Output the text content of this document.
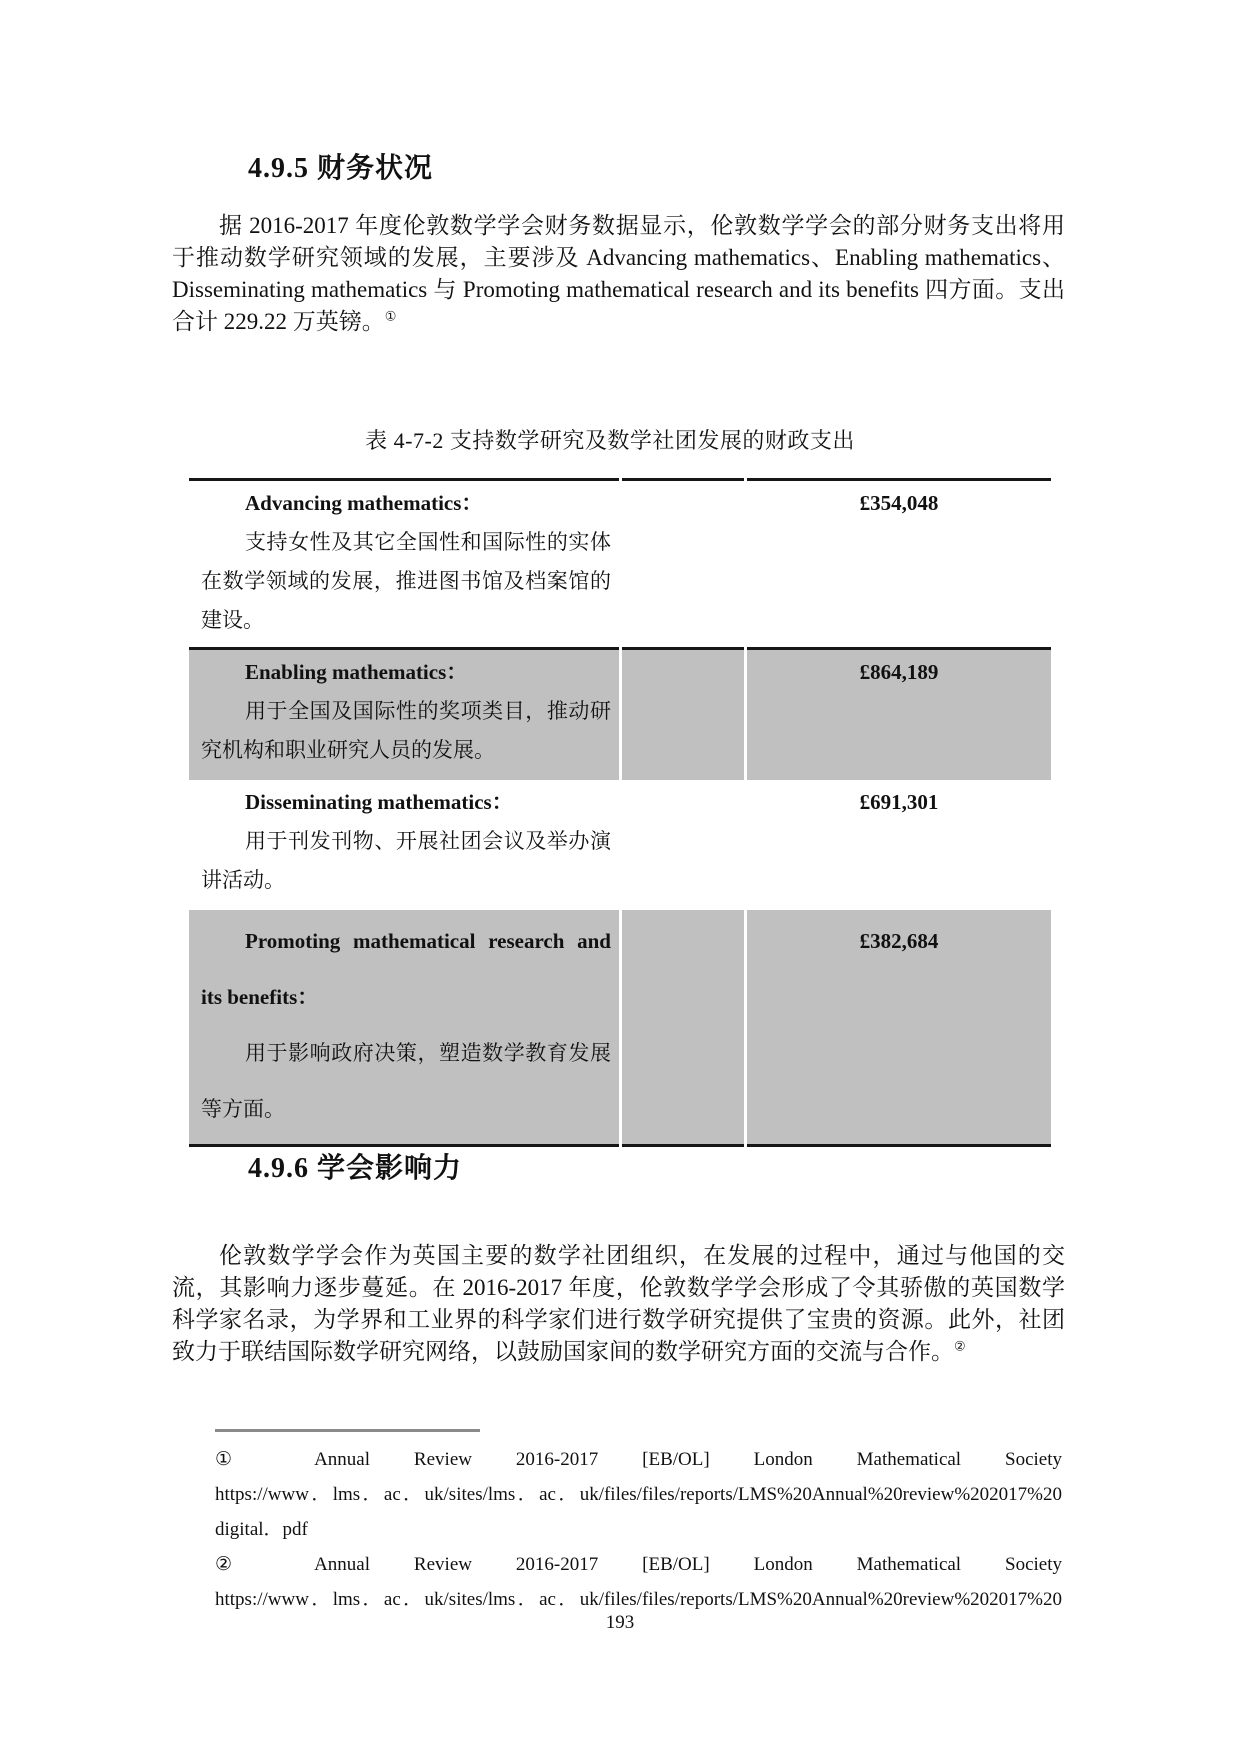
4.9.5 财务状况

据 2016-2017 年度伦敦数学学会财务数据显示，伦敦数学学会的部分财务支出将用于推动数学研究领域的发展，主要涉及 Advancing mathematics、Enabling mathematics、Disseminating mathematics 与 Promoting mathematical research and its benefits 四方面。支出合计 229.22 万英镑。①

表 4-7-2 支持数学研究及数学社团发展的财政支出

Advancing mathematics：

支持女性及其它全国性和国际性的实体在数学领域的发展，推进图书馆及档案馆的建设。		£354,048

Enabling mathematics：

用于全国及国际性的奖项类目，推动研究机构和职业研究人员的发展。		£864,189

Disseminating mathematics：

用于刊发刊物、开展社团会议及举办演讲活动。		£691,301

Promoting mathematical research and its benefits：

用于影响政府决策，塑造数学教育发展等方面。		£382,684
4.9.6 学会影响力

伦敦数学学会作为英国主要的数学社团组织，在发展的过程中，通过与他国的交流，其影响力逐步蔓延。在 2016-2017 年度，伦敦数学学会形成了令其骄傲的英国数学科学家名录，为学界和工业界的科学家们进行数学研究提供了宝贵的资源。此外，社团致力于联结国际数学研究网络，以鼓励国家间的数学研究方面的交流与合作。②

① Annual Review 2016-2017 [EB/OL] London Mathematical Society

https://www．lms．ac．uk/sites/lms．ac．uk/files/files/reports/LMS%20Annual%20review%202017%20

digital．pdf

② Annual Review 2016-2017 [EB/OL] London Mathematical Society

https://www．lms．ac．uk/sites/lms．ac．uk/files/files/reports/LMS%20Annual%20review%202017%20

193
